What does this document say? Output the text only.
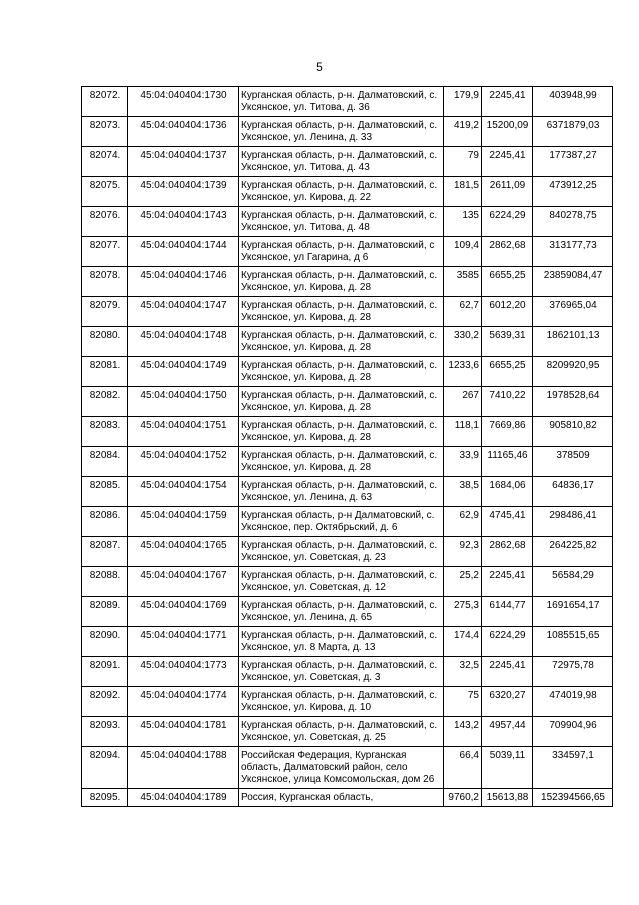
5
82072.	45:04:040404:1730	Курганская область, р-н. Далматовский, с. Уксянское, ул. Титова, д. 36	179,9	2245,41	403948,99
82073.	45:04:040404:1736	Курганская область, р-н. Далматовский, с. Уксянское, ул. Ленина, д. 33	419,2	15200,09	6371879,03
82074.	45:04:040404:1737	Курганская область, р-н. Далматовский, с. Уксянское, ул. Титова, д. 43	79	2245,41	177387,27
82075.	45:04:040404:1739	Курганская область, р-н. Далматовский, с. Уксянское, ул. Кирова, д. 22	181,5	2611,09	473912,25
82076.	45:04:040404:1743	Курганская область, р-н. Далматовский, с. Уксянское, ул. Титова, д. 48	135	6224,29	840278,75
82077.	45:04:040404:1744	Курганская область, р-н. Далматовский, с Уксянское, ул Гагарина, д 6	109,4	2862,68	313177,73
82078.	45:04:040404:1746	Курганская область, р-н. Далматовский, с. Уксянское, ул. Кирова, д. 28	3585	6655,25	23859084,47
82079.	45:04:040404:1747	Курганская область, р-н. Далматовский, с. Уксянское, ул. Кирова, д. 28	62,7	6012,20	376965,04
82080.	45:04:040404:1748	Курганская область, р-н. Далматовский, с. Уксянское, ул. Кирова, д. 28	330,2	5639,31	1862101,13
82081.	45:04:040404:1749	Курганская область, р-н. Далматовский, с. Уксянское, ул. Кирова, д. 28	1233,6	6655,25	8209920,95
82082.	45:04:040404:1750	Курганская область, р-н. Далматовский, с. Уксянское, ул. Кирова, д. 28	267	7410,22	1978528,64
82083.	45:04:040404:1751	Курганская область, р-н. Далматовский, с. Уксянское, ул. Кирова, д. 28	118,1	7669,86	905810,82
82084.	45:04:040404:1752	Курганская область, р-н. Далматовский, с. Уксянское, ул. Кирова, д. 28	33,9	11165,46	378509
82085.	45:04:040404:1754	Курганская область, р-н. Далматовский, с. Уксянское, ул. Ленина, д. 63	38,5	1684,06	64836,17
82086.	45:04:040404:1759	Курганская область, р-н Далматовский, с. Уксянское, пер. Октябрьский, д. 6	62,9	4745,41	298486,41
82087.	45:04:040404:1765	Курганская область, р-н. Далматовский, с. Уксянское, ул. Советская, д. 23	92,3	2862,68	264225,82
82088.	45:04:040404:1767	Курганская область, р-н. Далматовский, с. Уксянское, ул. Советская, д. 12	25,2	2245,41	56584,29
82089.	45:04:040404:1769	Курганская область, р-н. Далматовский, с. Уксянское, ул. Ленина, д. 65	275,3	6144,77	1691654,17
82090.	45:04:040404:1771	Курганская область, р-н. Далматовский, с. Уксянское, ул. 8 Марта, д. 13	174,4	6224,29	1085515,65
82091.	45:04:040404:1773	Курганская область, р-н. Далматовский, с. Уксянское, ул. Советская, д. 3	32,5	2245,41	72975,78
82092.	45:04:040404:1774	Курганская область, р-н. Далматовский, с. Уксянское, ул. Кирова, д. 10	75	6320,27	474019,98
82093.	45:04:040404:1781	Курганская область, р-н. Далматовский, с. Уксянское, ул. Советская, д. 25	143,2	4957,44	709904,96
82094.	45:04:040404:1788	Российская Федерация, Курганская область, Далматовский район, село Уксянское, улица Комсомольская, дом 26	66,4	5039,11	334597,1
82095.	45:04:040404:1789	Россия, Курганская область,	9760,2	15613,88	152394566,65
